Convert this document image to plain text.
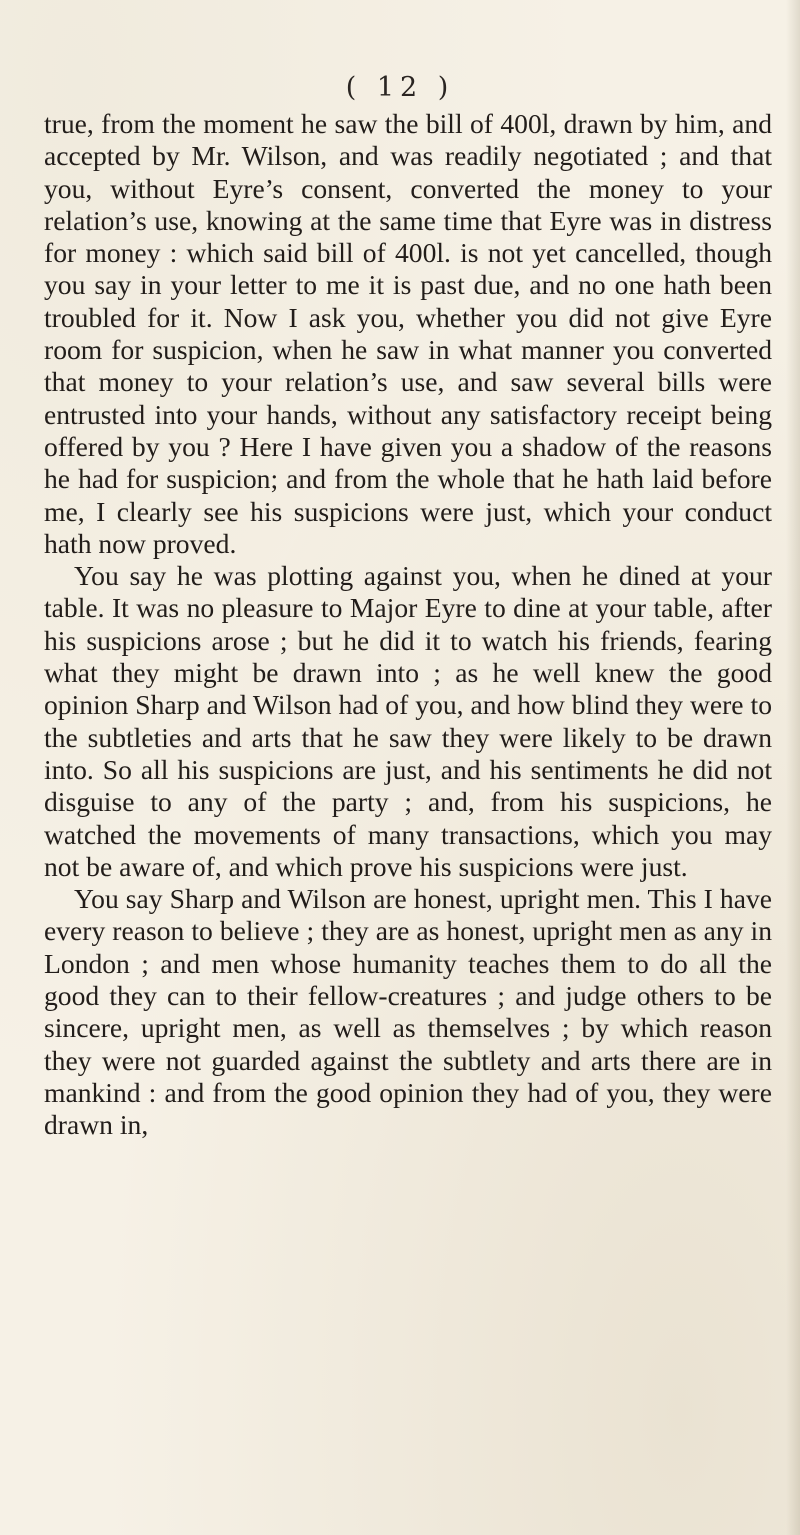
( 12 )

true, from the moment he saw the bill of 400l, drawn by him, and accepted by Mr. Wilson, and was readily negotiated ; and that you, without Eyre’s consent, converted the money to your relation’s use, knowing at the same time that Eyre was in distress for money : which said bill of 400l. is not yet cancelled, though you say in your letter to me it is past due, and no one hath been troubled for it. Now I ask you, whether you did not give Eyre room for suspicion, when he saw in what manner you converted that money to your relation’s use, and saw several bills were entrusted into your hands, without any satisfactory receipt being offered by you ? Here I have given you a shadow of the reasons he had for suspicion; and from the whole that he hath laid before me, I clearly see his suspicions were just, which your conduct hath now proved.

You say he was plotting against you, when he dined at your table. It was no pleasure to Major Eyre to dine at your table, after his suspicions arose ; but he did it to watch his friends, fearing what they might be drawn into ; as he well knew the good opinion Sharp and Wilson had of you, and how blind they were to the subtleties and arts that he saw they were likely to be drawn into. So all his suspicions are just, and his sentiments he did not disguise to any of the party ; and, from his suspicions, he watched the movements of many transactions, which you may not be aware of, and which prove his suspicions were just.

You say Sharp and Wilson are honest, upright men. This I have every reason to believe ; they are as honest, upright men as any in London ; and men whose humanity teaches them to do all the good they can to their fellow-creatures ; and judge others to be sincere, upright men, as well as themselves ; by which reason they were not guarded against the subtlety and arts there are in mankind : and from the good opinion they had of you, they were drawn in,
